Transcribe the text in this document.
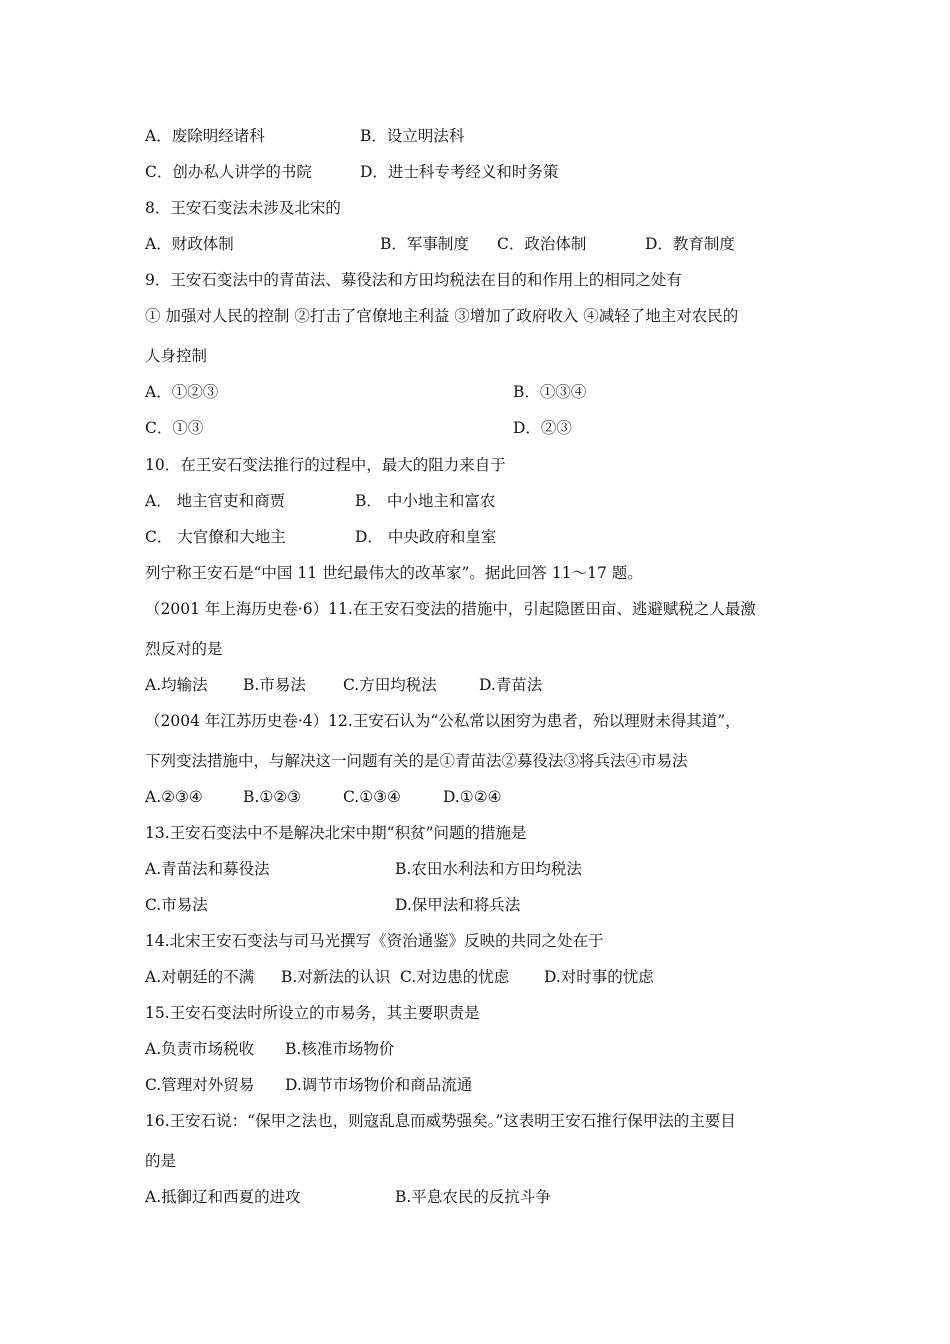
A．废除明经诸科	B．设立明法科
C．创办私人讲学的书院	D．进士科专考经义和时务策
8．王安石变法未涉及北宋的
A．财政体制	B．军事制度 C．政治体制	D．教育制度
9．王安石变法中的青苗法、募役法和方田均税法在目的和作用上的相同之处有
① 加强对人民的控制 ②打击了官僚地主利益 ③增加了政府收入 ④减轻了地主对农民的
人身控制
A．①②③	B．①③④
C．①③	D．②③
10．在王安石变法推行的过程中，最大的阻力来自于
A． 地主官吏和商贾	B． 中小地主和富农
C． 大官僚和大地主	D． 中央政府和皇室
列宁称王安石是“中国 11 世纪最伟大的改革家”。据此回答 11～17 题。
（2001 年上海历史卷·6）11.在王安石变法的措施中，引起隐匿田亩、逃避赋税之人最激
烈反对的是
A.均输法 B.市易法 C.方田均税法	D.青苗法
（2004 年江苏历史卷·4）12.王安石认为“公私常以困穷为患者，殆以理财未得其道”，
下列变法措施中，与解决这一问题有关的是①青苗法②募役法③将兵法④市易法
A.②③④	B.①②③	C.①③④	D.①②④
13.王安石变法中不是解决北宋中期“积贫”问题的措施是
A.青苗法和募役法	B.农田水利法和方田均税法
C.市易法	D.保甲法和将兵法
14.北宋王安石变法与司马光撰写《资治通鉴》反映的共同之处在于
A.对朝廷的不满 B.对新法的认识 C.对边患的忧虑 D.对时事的忧虑
15.王安石变法时所设立的市易务，其主要职责是
A.负责市场税收 B.核准市场物价
C.管理对外贸易 D.调节市场物价和商品流通
16.王安石说：“保甲之法也，则寇乱息而威势强矣。”这表明王安石推行保甲法的主要目
的是
A.抵御辽和西夏的进攻	B.平息农民的反抗斗争
